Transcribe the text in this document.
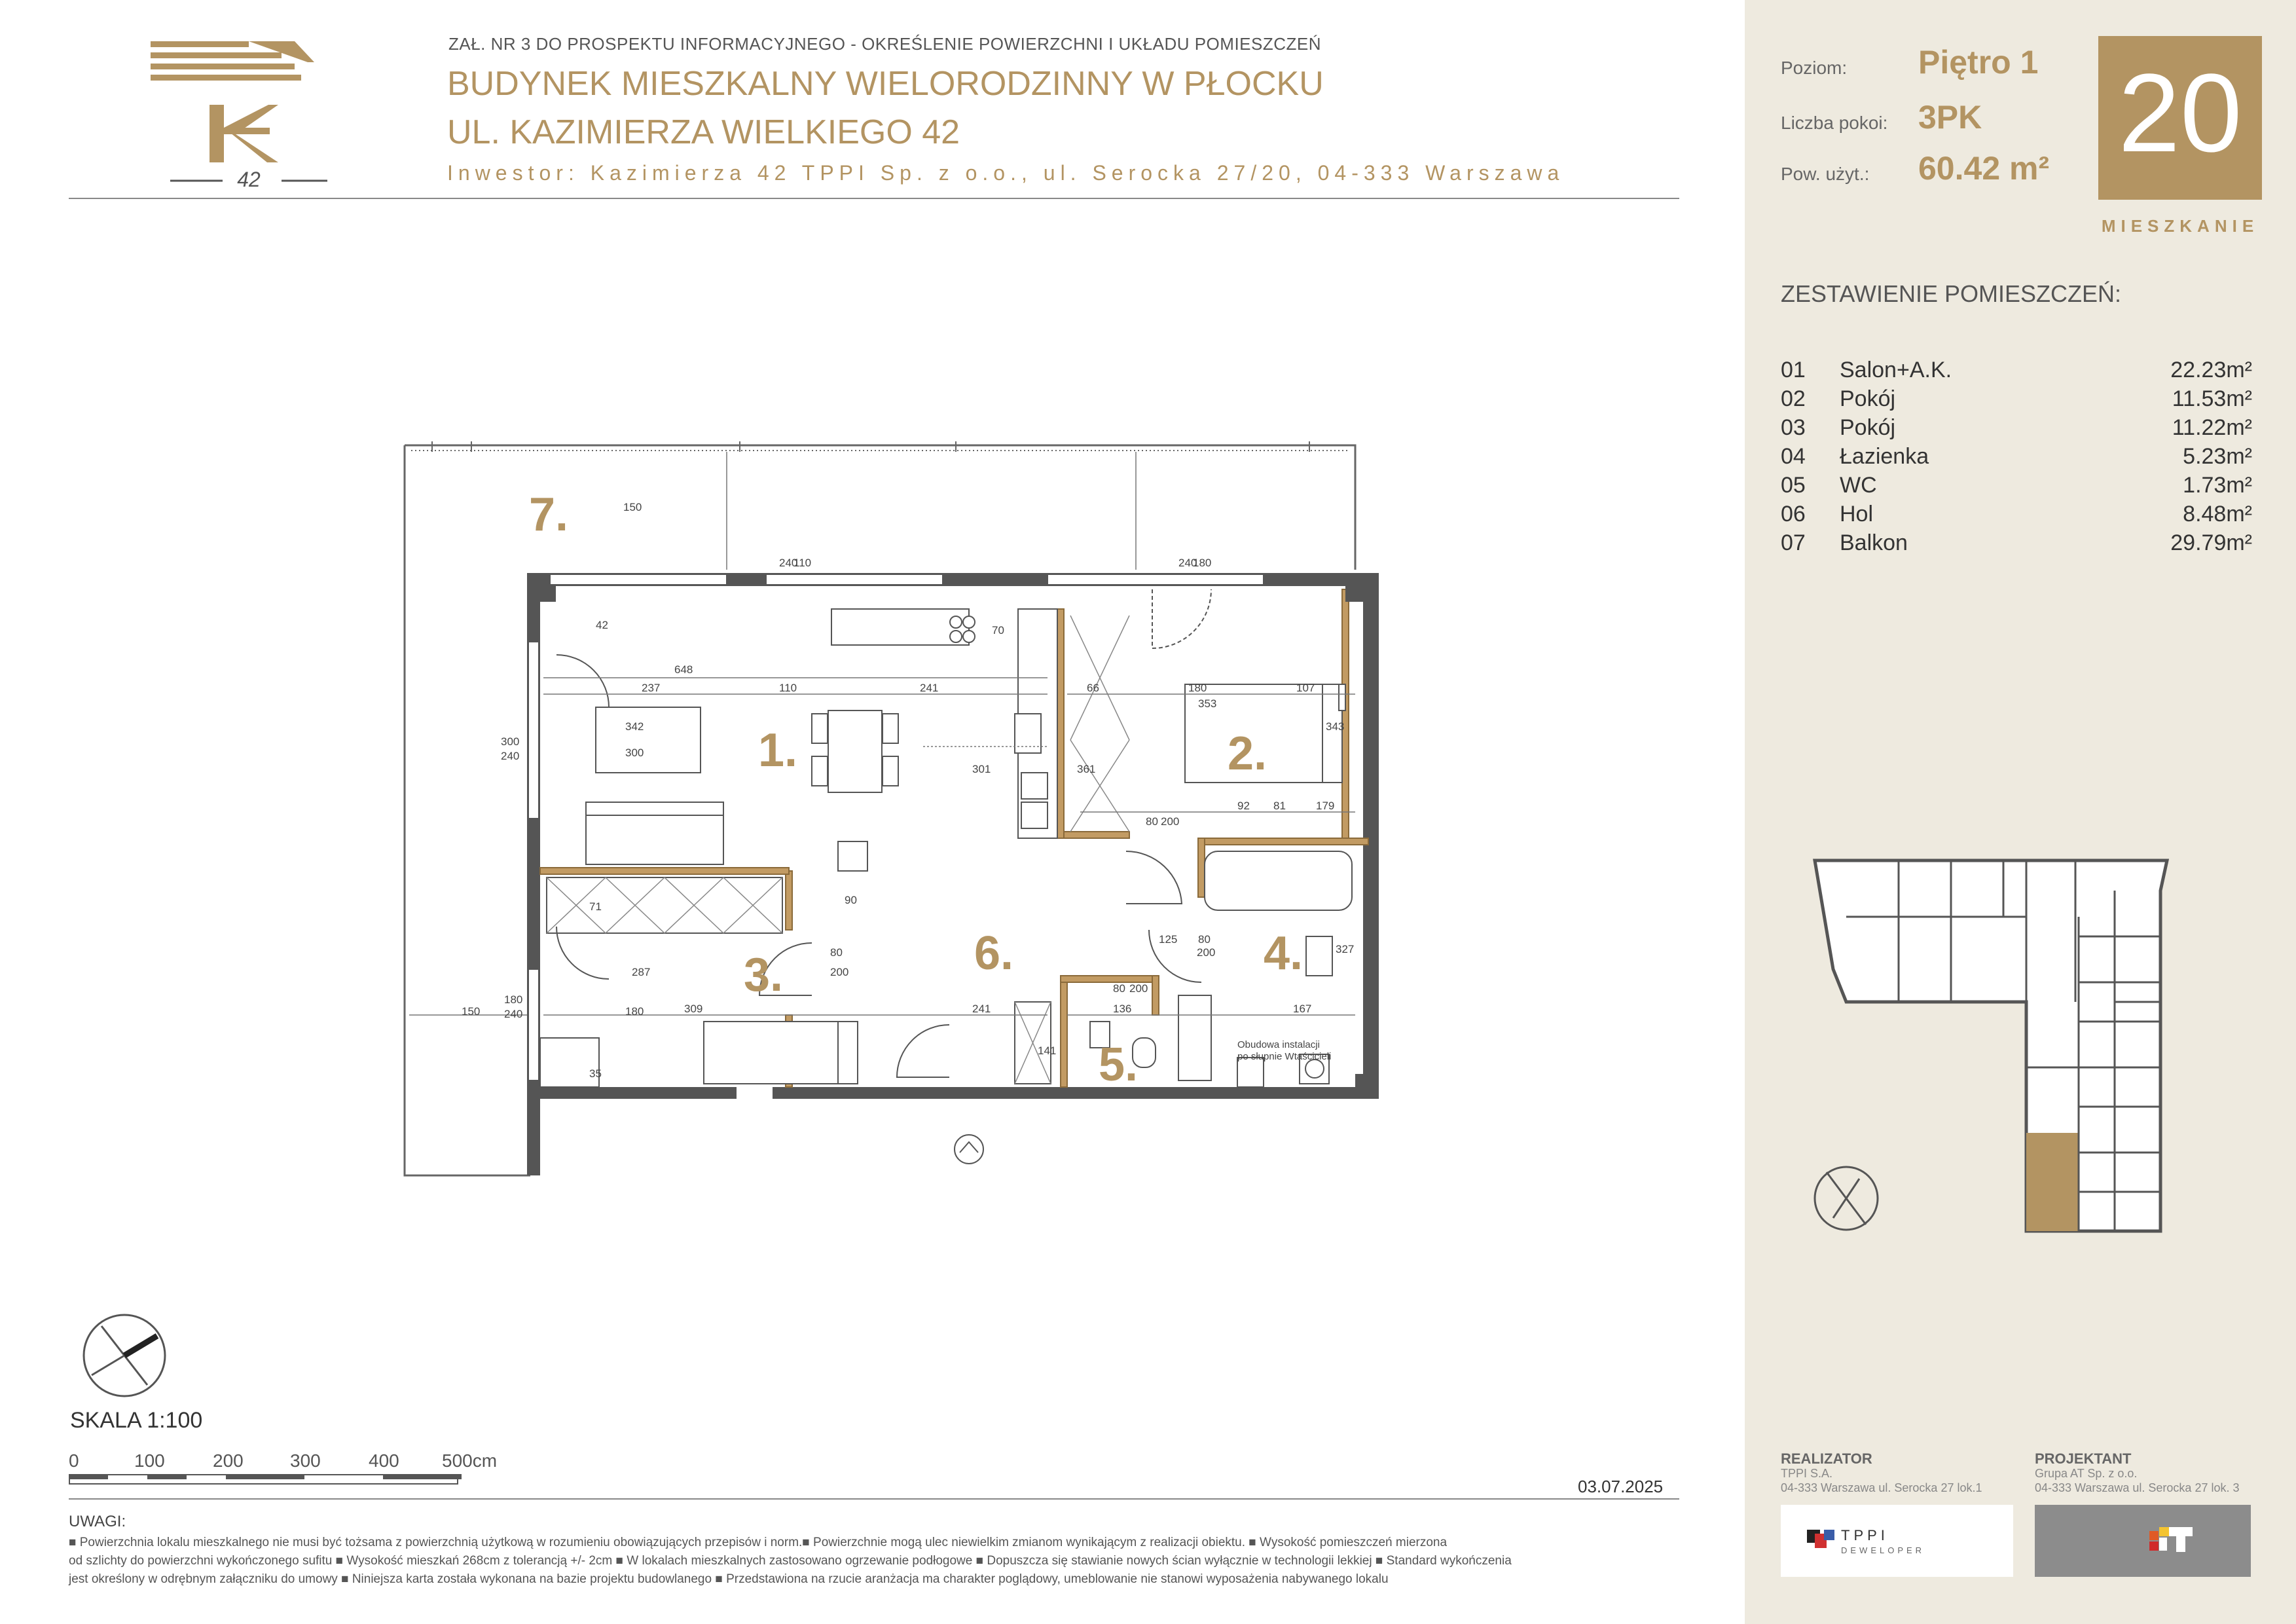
42
ZAŁ. NR 3 DO PROSPEKTU INFORMACYJNEGO - OKREŚLENIE POWIERZCHNI I UKŁADU POMIESZCZEŃ
BUDYNEK MIESZKALNY WIELORODZINNY W PŁOCKU
UL. KAZIMIERZA WIELKIEGO 42
Inwestor: Kazimierza 42 TPPI Sp. z o.o., ul. Serocka 27/20, 04-333 Warszawa
Poziom: Piętro 1
Liczba pokoi: 3PK
Pow. użyt.: 60.42 m² 20
MIESZKANIE
ZESTAWIENIE POMIESZCZEŃ:
01 Salon+A.K.	22.23m²
02 Pokój	11.53m²
03 Pokój	11.22m²
04 Łazienka	5.23m²
05 WC	1.73m²
06 Hol	8.48m²
07 Balkon	29.79m²
REALIZATOR
TPPI S.A.
04-333 Warszawa ul. Serocka 27 lok.1
TPPI
DEWELOPER
PROJEKTANT
Grupa AT Sp. z o.o.
04-333 Warszawa ul. Serocka 27 lok. 3
648
237	110	241	66	180	107
353
92 81	179
309	241	136	167
150
180
240
300
240	300
342
240
110	240
180
150
180
287
301	361
343
327
80 200
80
200
80
200
80 200
125
90
70
42
71
35
141	Obudowa instalacji
po słupnie Wtaścicieli
1.	2.
3.	4.
5.
6.
7.
SKALA 1:100
0	100	200	300	400 500cm
03.07.2025
UWAGI:
■ Powierzchnia lokalu mieszkalnego nie musi być tożsama z powierzchnią użytkową w rozumieniu obowiązujących przepisów i norm.■ Powierzchnie mogą ulec niewielkim zmianom wynikającym z realizacji obiektu. ■ Wysokość pomieszczeń mierzona
od szlichty do powierzchni wykończonego sufitu ■ Wysokość mieszkań 268cm z tolerancją +/- 2cm ■ W lokalach mieszkalnych zastosowano ogrzewanie podłogowe ■ Dopuszcza się stawianie nowych ścian wyłącznie w technologii lekkiej ■ Standard wykończenia
jest określony w odrębnym załączniku do umowy ■ Niniejsza karta została wykonana na bazie projektu budowlanego ■ Przedstawiona na rzucie aranżacja ma charakter poglądowy, umeblowanie nie stanowi wyposażenia nabywanego lokalu
